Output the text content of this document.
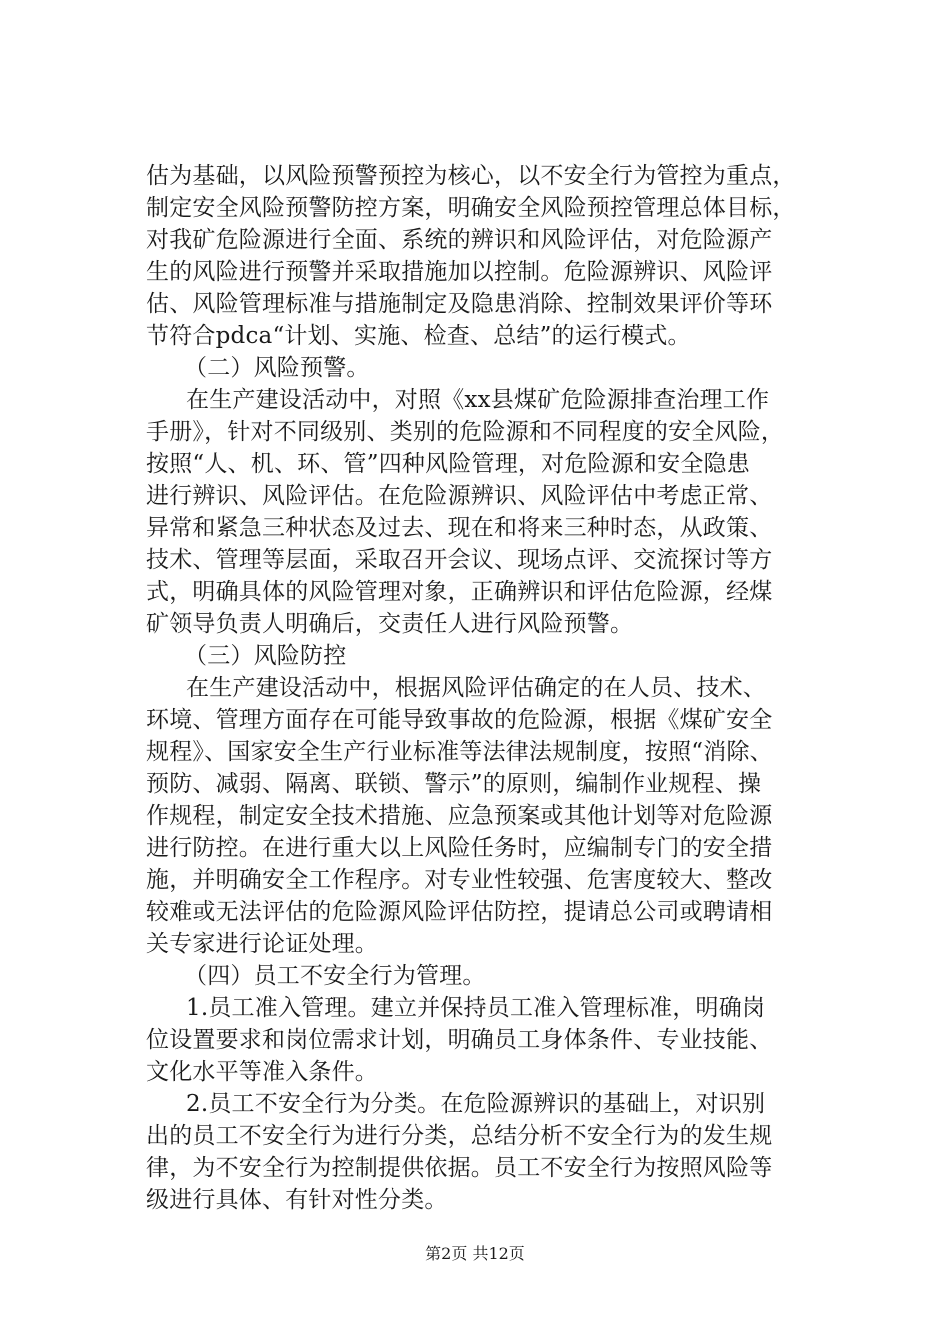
估为基础，以风险预警预控为核心，以不安全行为管控为重点，
制定安全风险预警防控方案，明确安全风险预控管理总体目标，
对我矿危险源进行全面、系统的辨识和风险评估，对危险源产
生的风险进行预警并采取措施加以控制。危险源辨识、风险评
估、风险管理标准与措施制定及隐患消除、控制效果评价等环
节符合pdca“计划、实施、检查、总结”的运行模式。
（二）风险预警。
在生产建设活动中，对照《xx县煤矿危险源排查治理工作
手册》，针对不同级别、类别的危险源和不同程度的安全风险，
按照“人、机、环、管”四种风险管理，对危险源和安全隐患
进行辨识、风险评估。在危险源辨识、风险评估中考虑正常、
异常和紧急三种状态及过去、现在和将来三种时态，从政策、
技术、管理等层面，采取召开会议、现场点评、交流探讨等方
式，明确具体的风险管理对象，正确辨识和评估危险源，经煤
矿领导负责人明确后，交责任人进行风险预警。
（三）风险防控
在生产建设活动中，根据风险评估确定的在人员、技术、
环境、管理方面存在可能导致事故的危险源，根据《煤矿安全
规程》、国家安全生产行业标准等法律法规制度，按照“消除、
预防、减弱、隔离、联锁、警示”的原则，编制作业规程、操
作规程，制定安全技术措施、应急预案或其他计划等对危险源
进行防控。在进行重大以上风险任务时，应编制专门的安全措
施，并明确安全工作程序。对专业性较强、危害度较大、整改
较难或无法评估的危险源风险评估防控，提请总公司或聘请相
关专家进行论证处理。
（四）员工不安全行为管理。
1.员工准入管理。建立并保持员工准入管理标准，明确岗
位设置要求和岗位需求计划，明确员工身体条件、专业技能、
文化水平等准入条件。
2.员工不安全行为分类。在危险源辨识的基础上，对识别
出的员工不安全行为进行分类，总结分析不安全行为的发生规
律，为不安全行为控制提供依据。员工不安全行为按照风险等
级进行具体、有针对性分类。
第2页 共12页
